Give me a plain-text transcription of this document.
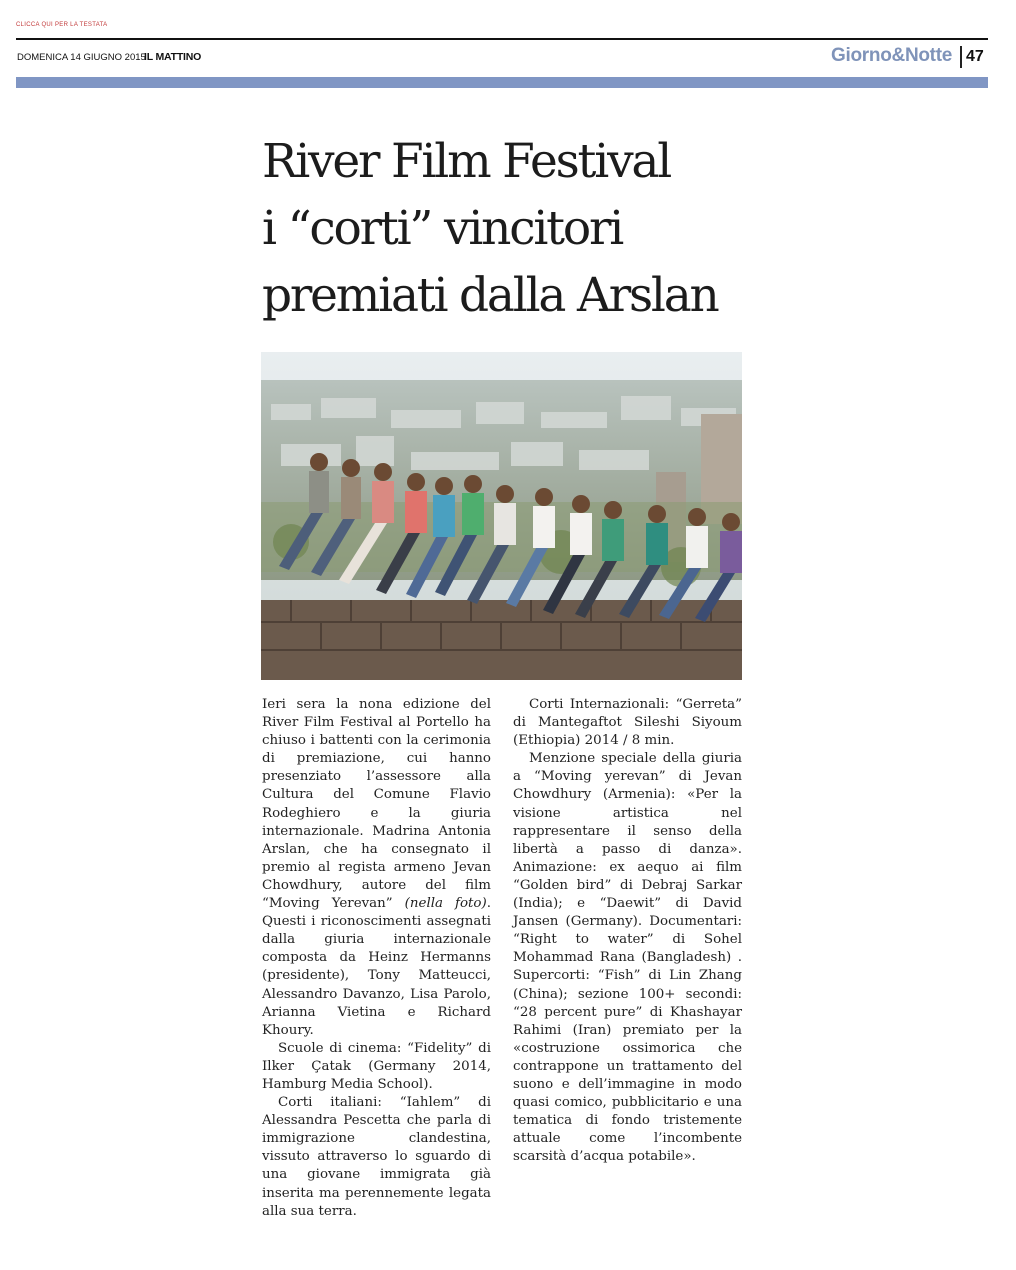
CLICCA QUI PER LA TESTATA
DOMENICA 14 GIUGNO 2015
IL MATTINO	Giorno&Notte 47
River Film Festival
i “corti” vincitori
premiati dalla Arslan

Ieri sera la nona edizione del River Film Festival al Portello ha chiuso i battenti con la cerimonia di premiazione, cui hanno presenziato l’assessore alla Cultura del Comune Flavio Rodeghiero e la giuria internazionale. Madrina Antonia Arslan, che ha consegnato il premio al regista armeno Jevan Chowdhury, autore del film “Moving Yerevan” (nella foto). Questi i riconoscimenti assegnati dalla giuria internazionale composta da Heinz Hermanns (presidente), Tony Matteucci, Alessandro Davanzo, Lisa Parolo, Arianna Vietina e Richard Khoury.

Scuole di cinema: “Fidelity” di Ilker Çatak (Germany 2014, Hamburg Media School).

Corti italiani: “Iahlem” di Alessandra Pescetta che parla di immigrazione clandestina, vissuto attraverso lo sguardo di una giovane immigrata già inserita ma perennemente legata alla sua terra.

Corti Internazionali: “Gerreta” di Mantegaftot Sileshi Siyoum (Ethiopia) 2014 / 8 min.

Menzione speciale della giuria a “Moving yerevan” di Jevan Chowdhury (Armenia): «Per la visione artistica nel rappresentare il senso della libertà a passo di danza». Animazione: ex aequo ai film “Golden bird” di Debraj Sarkar (India); e “Daewit” di David Jansen (Germany). Documentari: “Right to water” di Sohel Mohammad Rana (Bangladesh) . Supercorti: “Fish” di Lin Zhang (China); sezione 100+ secondi: “28 percent pure” di Khashayar Rahimi (Iran) premiato per la «costruzione ossimorica che contrappone un trattamento del suono e dell’immagine in modo quasi comico, pubblicitario e una tematica di fondo tristemente attuale come l’incombente scarsità d’acqua potabile».
